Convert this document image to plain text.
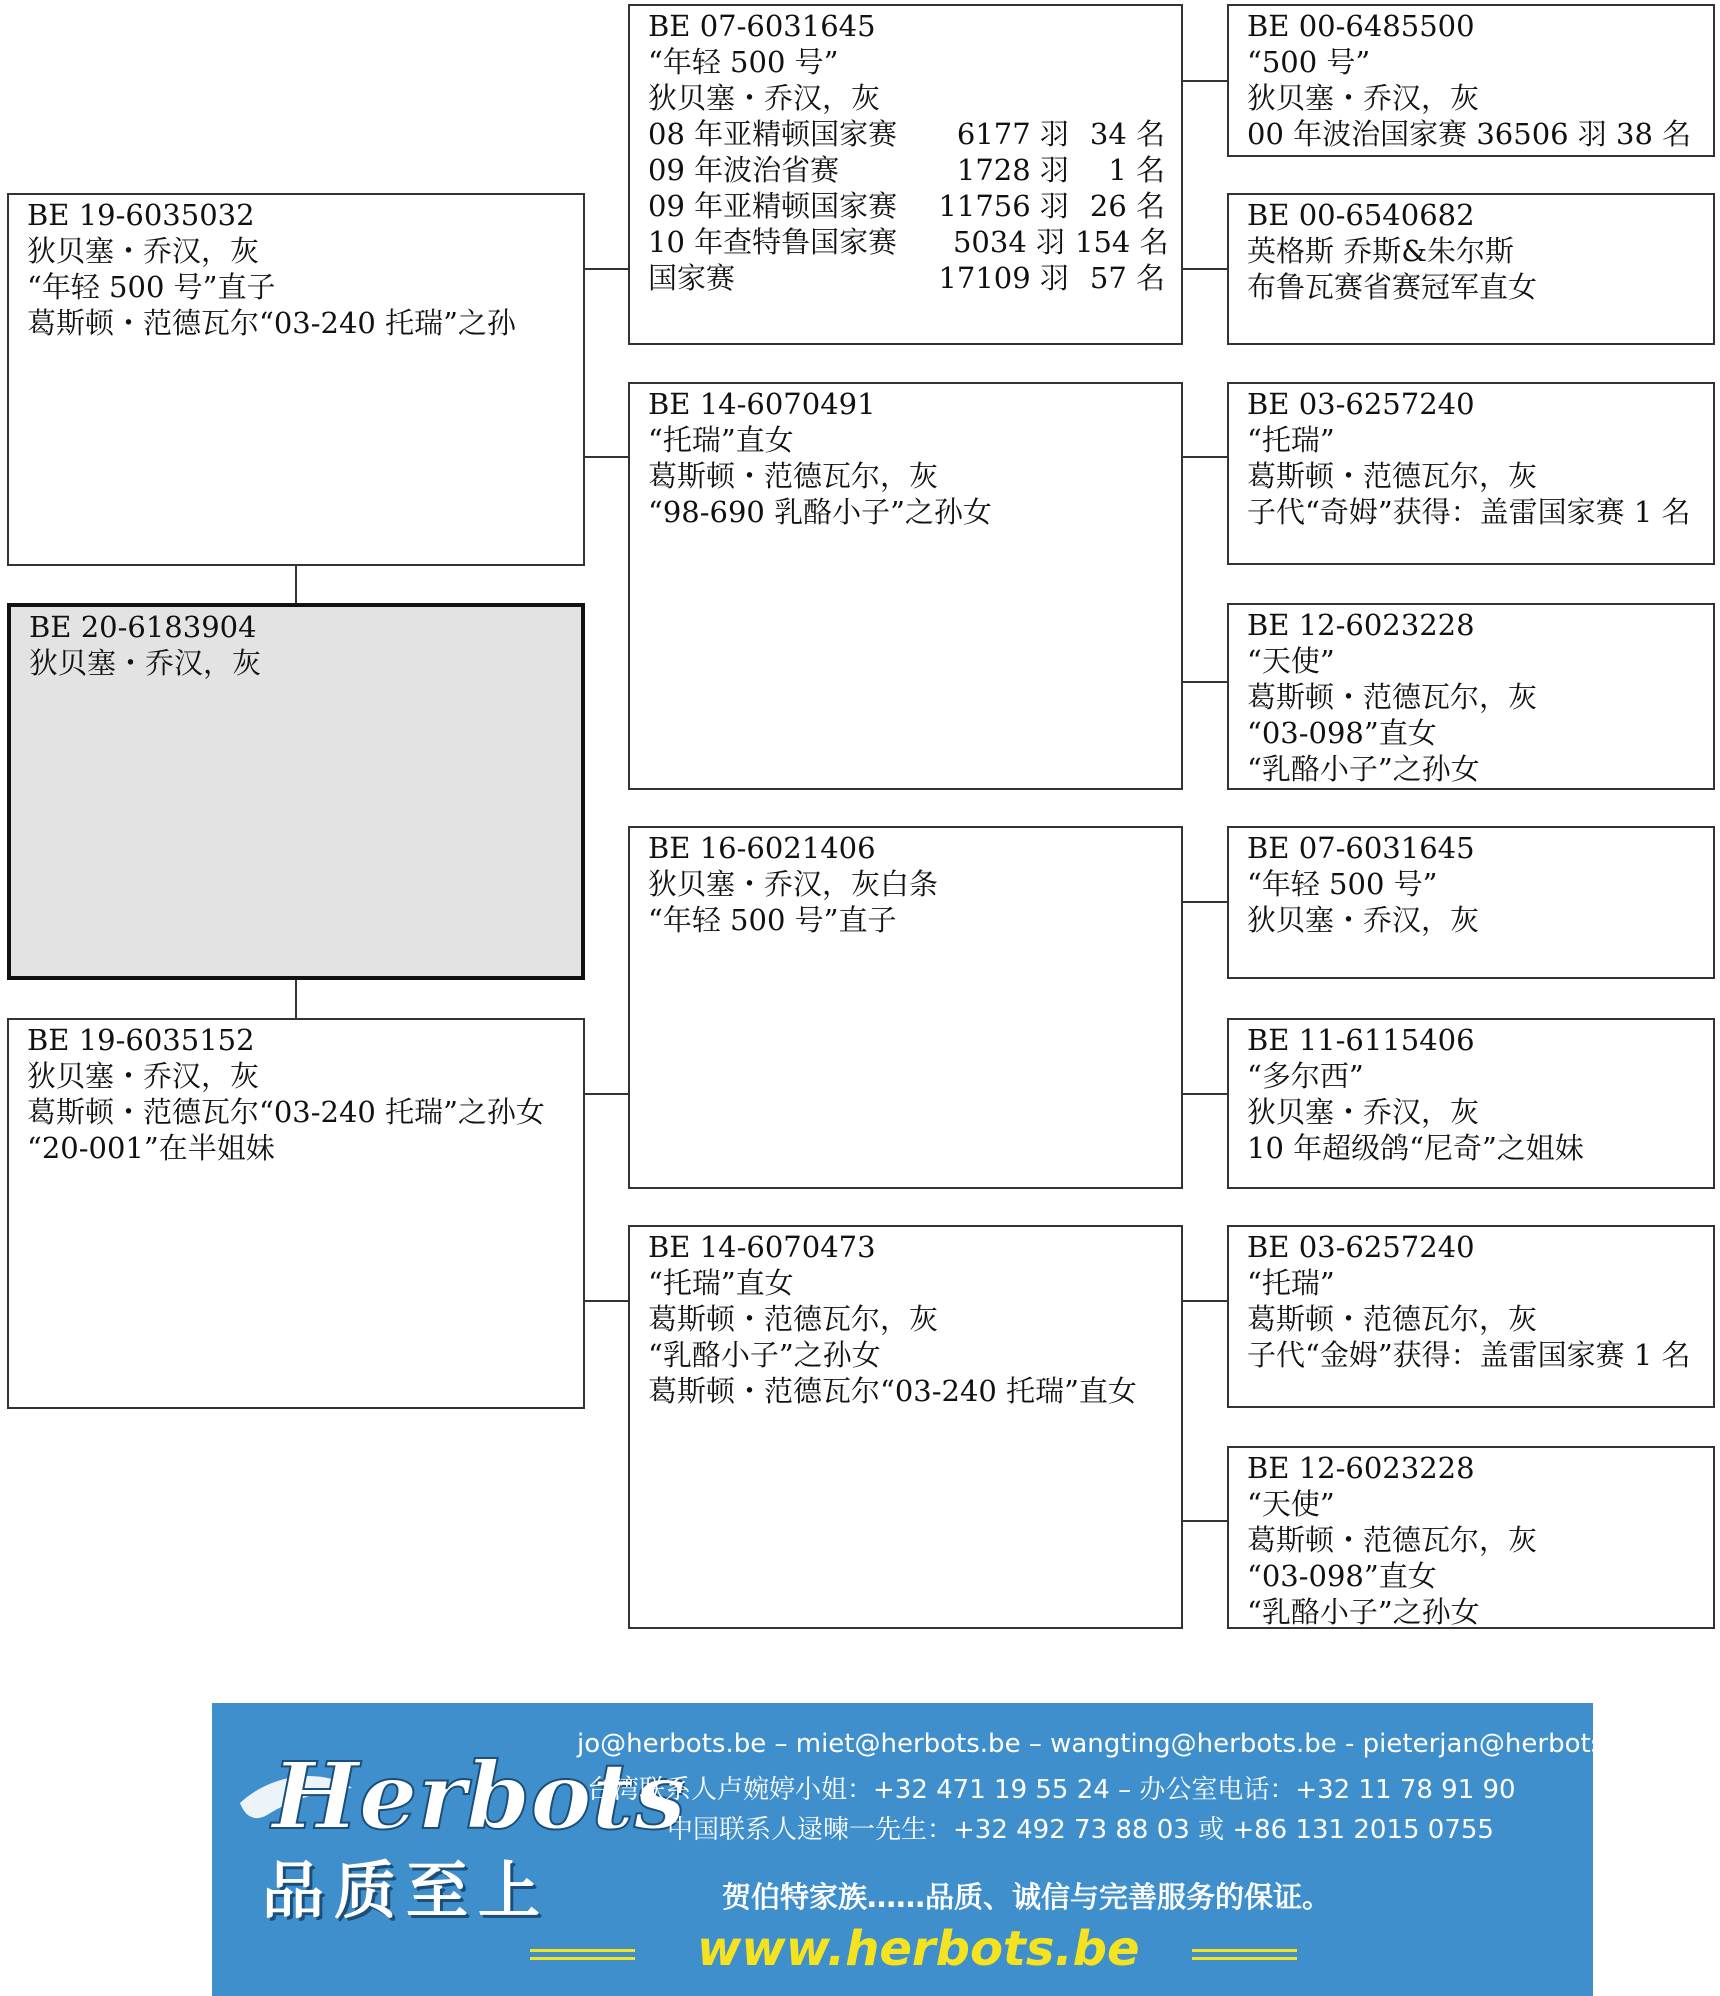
BE 19-6035032
狄贝塞・乔汉，灰
“年轻 500 号”直子
葛斯顿・范德瓦尔“03-240 托瑞”之孙
BE 20-6183904
狄贝塞・乔汉，灰
BE 19-6035152
狄贝塞・乔汉，灰
葛斯顿・范德瓦尔“03-240 托瑞”之孙女
“20-001”在半姐妹
BE 07-6031645
“年轻 500 号”
狄贝塞・乔汉，灰
08 年亚精顿国家赛	6177 羽 34 名
09 年波治省赛	1728 羽	1 名
09 年亚精顿国家赛	11756 羽 26 名
10 年查特鲁国家赛	5034 羽 154 名
国家赛	17109 羽 57 名
BE 14-6070491
“托瑞”直女
葛斯顿・范德瓦尔，灰
“98-690 乳酪小子”之孙女
BE 16-6021406
狄贝塞・乔汉，灰白条
“年轻 500 号”直子
BE 14-6070473
“托瑞”直女
葛斯顿・范德瓦尔，灰
“乳酪小子”之孙女
葛斯顿・范德瓦尔“03-240 托瑞”直女
BE 00-6485500
“500 号”
狄贝塞・乔汉，灰
00 年波治国家赛 36506 羽 38 名
BE 00-6540682
英格斯 乔斯&朱尔斯
布鲁瓦赛省赛冠军直女
BE 03-6257240
“托瑞”
葛斯顿・范德瓦尔，灰
子代“奇姆”获得：盖雷国家赛 1 名
BE 12-6023228
“天使”
葛斯顿・范德瓦尔，灰
“03-098”直女
“乳酪小子”之孙女
BE 07-6031645
“年轻 500 号”
狄贝塞・乔汉，灰
BE 11-6115406
“多尔西”
狄贝塞・乔汉，灰
10 年超级鸽“尼奇”之姐妹
BE 03-6257240
“托瑞”
葛斯顿・范德瓦尔，灰
子代“金姆”获得：盖雷国家赛 1 名
BE 12-6023228
“天使”
葛斯顿・范德瓦尔，灰
“03-098”直女
“乳酪小子”之孙女
Herbots
品质至上
jo@herbots.be – miet@herbots.be – wangting@herbots.be - pieterjan@herbots.be
台湾联系人卢婉婷小姐：+32 471 19 55 24 – 办公室电话：+32 11 78 91 90
中国联系人逯暕一先生：+32 492 73 88 03 或 +86 131 2015 0755
贺伯特家族……品质、诚信与完善服务的保证。
www.herbots.be
